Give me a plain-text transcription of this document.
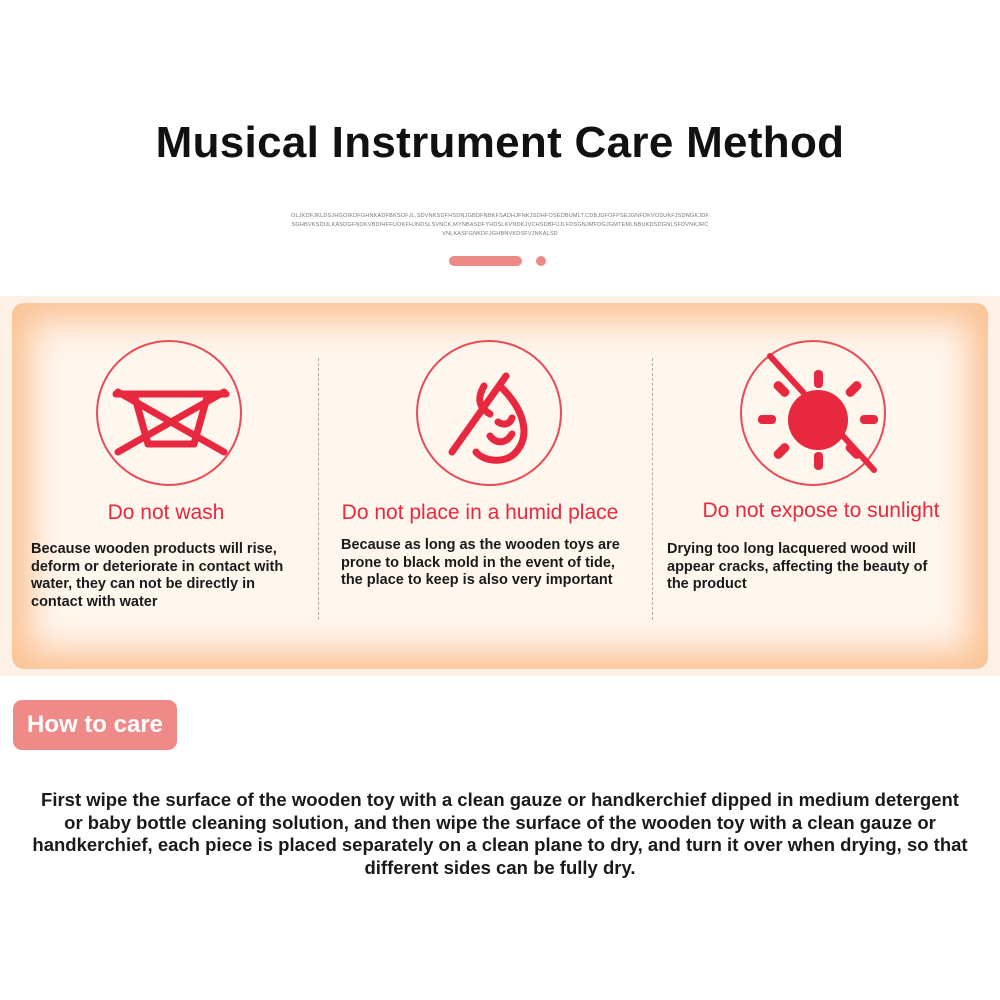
Musical Instrument Care Method
OLJKDFJKLDSJHGOIKDFGHNKADFBKSOFJL,SDVNKSDFHSDNJGBDFNBKFSADHJFNKJSDHFOSEDBUMLT.CDBJDFOFPSEJGNFDKVOSUKFJSDNGKJDFSGHBVKSDIJLKASDGFNOKVBDIHFFUOKFHJNDSLSVNCK,MYNBASDFYHDSLKVNDKJVCHSDBFUJLFDSGNJMFDGJGMTEMLNBUKDSDGNLSFDVNKJRCVNLKASFGNKDFJGHBNVKDSFVJNKALSD
Do not wash
Because wooden products will rise, deform or deteriorate in contact with water, they can not be directly in contact with water
Do not place in a humid place
Because as long as the wooden toys are prone to black mold in the event of tide, the place to keep is also very important
Do not expose to sunlight
Drying too long lacquered wood will appear cracks, affecting the beauty of the product
How to care
First wipe the surface of the wooden toy with a clean gauze or handkerchief dipped in medium detergent or baby bottle cleaning solution, and then wipe the surface of the wooden toy with a clean gauze or handkerchief, each piece is placed separately on a clean plane to dry, and turn it over when drying, so that different sides can be fully dry.
